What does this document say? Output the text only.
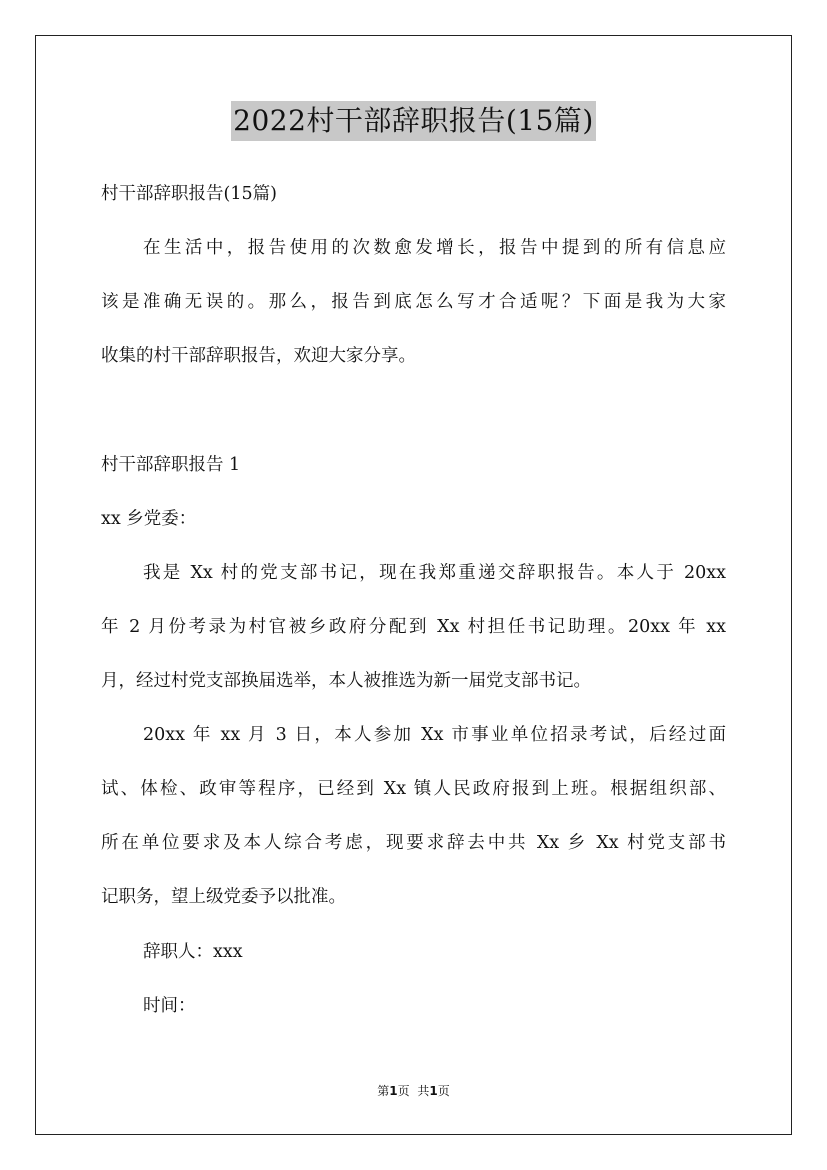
2022村干部辞职报告(15篇)
村干部辞职报告(15篇)
在生活中，报告使用的次数愈发增长，报告中提到的所有信息应
该是准确无误的。那么，报告到底怎么写才合适呢？下面是我为大家
收集的村干部辞职报告，欢迎大家分享。
村干部辞职报告 1
xx 乡党委：
我是 Xx 村的党支部书记，现在我郑重递交辞职报告。本人于 20xx
年 2 月份考录为村官被乡政府分配到 Xx 村担任书记助理。20xx 年 xx
月，经过村党支部换届选举，本人被推选为新一届党支部书记。
20xx 年 xx 月 3 日，本人参加 Xx 市事业单位招录考试，后经过面
试、体检、政审等程序，已经到 Xx 镇人民政府报到上班。根据组织部、
所在单位要求及本人综合考虑，现要求辞去中共 Xx 乡 Xx 村党支部书
记职务，望上级党委予以批准。
辞职人：xxx
时间：
第1页 共1页
